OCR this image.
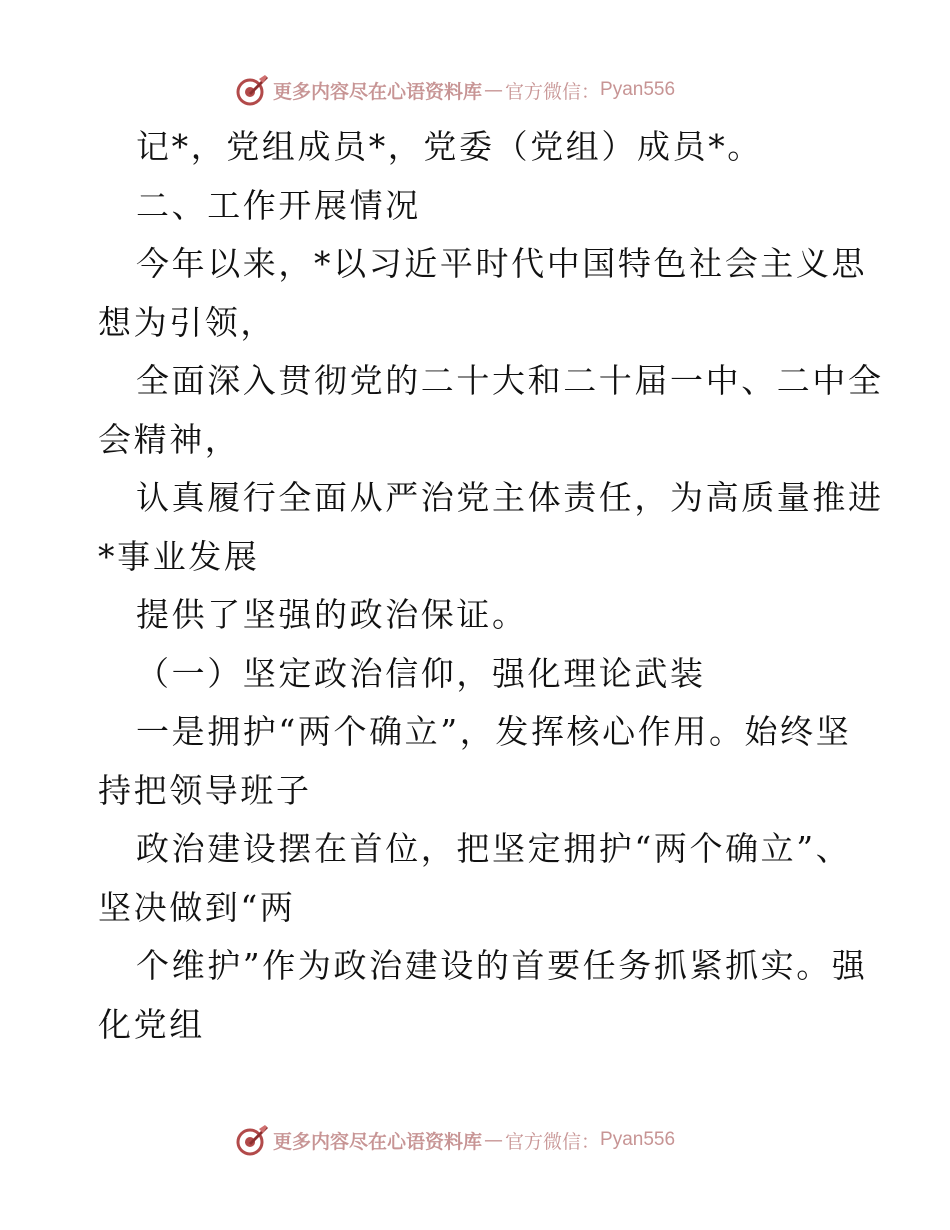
更多内容尽在心语资料库 — 官方微信： Pyan556
记*，党组成员*，党委（党组）成员*。
二、工作开展情况
今年以来，*以习近平时代中国特色社会主义思
想为引领，
全面深入贯彻党的二十大和二十届一中、二中全
会精神，
认真履行全面从严治党主体责任，为高质量推进
*事业发展
提供了坚强的政治保证。
（一）坚定政治信仰，强化理论武装
一是拥护“两个确立”，发挥核心作用。始终坚
持把领导班子
政治建设摆在首位，把坚定拥护“两个确立”、
坚决做到“两
个维护”作为政治建设的首要任务抓紧抓实。强
化党组
更多内容尽在心语资料库 — 官方微信： Pyan556
